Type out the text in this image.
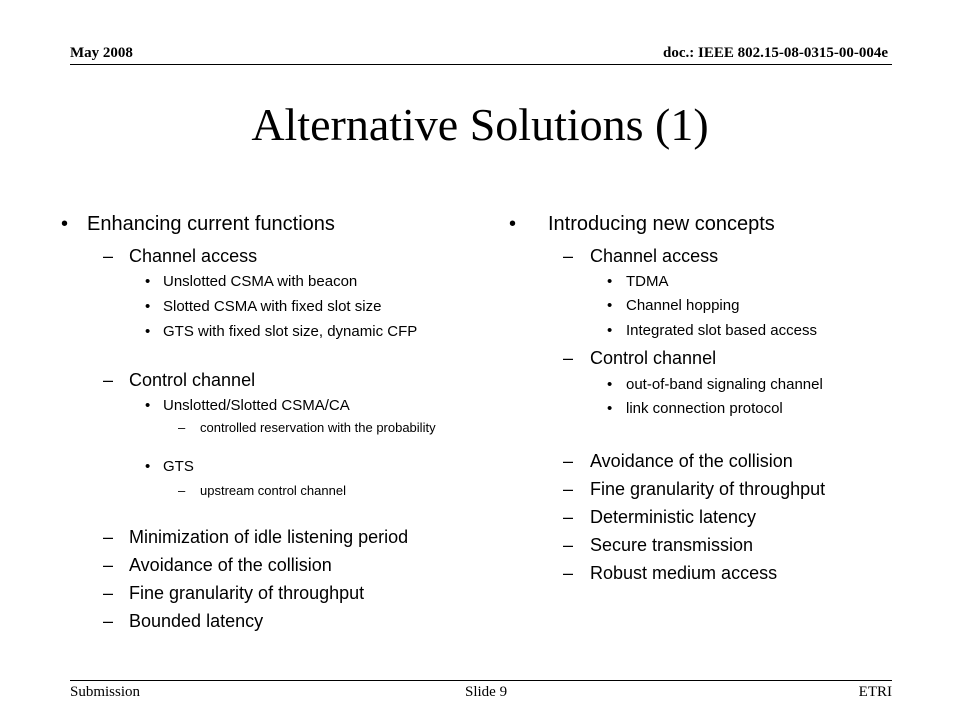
May 2008	doc.: IEEE 802.15-08-0315-00-004e
Alternative Solutions (1)
• Enhancing current functions
– Channel access
• Unslotted CSMA with beacon
• Slotted CSMA with fixed slot size
• GTS with fixed slot size, dynamic CFP
– Control channel
• Unslotted/Slotted CSMA/CA
– controlled reservation with the probability
• GTS
– upstream control channel
– Minimization of idle listening period
– Avoidance of the collision
– Fine granularity of throughput
– Bounded latency
• Introducing new concepts
– Channel access
• TDMA
• Channel hopping
• Integrated slot based access
– Control channel
• out-of-band signaling channel
• link connection protocol
– Avoidance of the collision
– Fine granularity of throughput
– Deterministic latency
– Secure transmission
– Robust medium access
Submission	Slide 9	ETRI
